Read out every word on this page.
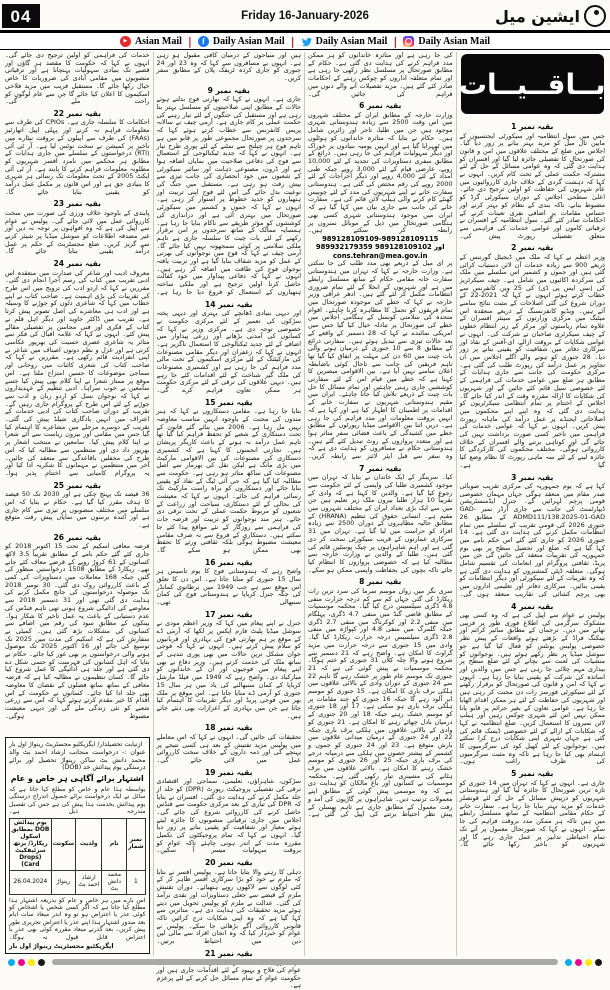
04	Friday 16-January-2026	ایشین میل
▶ Asian Mail |	f Daily Asian Mail | Daily Asian Mail | Daily Asian Mail
بــاقــیــات
بقیہ نمبر 1
جس میں سول انتظامیہ اور سیکورٹی ایجنسیوں کے مابین تال میل کو مزید بہتر بنانے پر زور دیا گیا۔ اجلاس میں ضلع کے مختلف علاقوں میں امن و قانون کی صورتحال کا تفصیلی جائزہ لیا گیا اور افسران کو ہدایت دی گئی کہ وہ عوامی مسائل کے حل کے لئے مشترکہ حکمت عملی کے تحت کام کریں۔ انہوں نے کہا کہ دہشت گردی کے خلاف جاری کارروائیوں میں عام شہریوں کی حفاظت کو اولین ترجیح دی جائے۔ اعلیٰ سطحی اجلاس کے دوران سیکورٹی گرڈ کو مضبوط بنانے، ناکہ بندی کے نظام کو بہتر کرنے اور حساس مقامات پر اضافی نفری تعینات کرنے کے احکامات صادر کئے گئے۔ سول انتظامیہ کے افسران نے ترقیاتی کاموں اور عوامی خدمات کی فراہمی سے متعلق تفصیلی رپورٹ پیش کی۔
بقیہ نمبر 2
وزیر اعظم نے کہا کہ ملک میں ڈیجیٹل گورننس کے ذریعے 900 سے زیادہ خدمات آن لائن دستیاب کرائی گئی ہیں اور جموں و کشمیر اس سلسلے میں ملک کی سرکردہ اکائیوں میں شامل ہے۔ چیف سیکرٹریز کی (سی ایس پی ڈی) کی 25 ویں کانفرنس سے خطاب کرتے ہوئے انہوں نے کہا کہ 2021-22 کے دوران شروع کی گئی اصلاحات کے مثبت نتائج سامنے آئے ہیں۔ ویڈیو کانفرنسنگ کے ذریعے منعقدہ اس میٹنگ میں مرکزی وزارتوں کے سینئر افسران کے علاوہ تمام ریاستوں اور مرکز کے زیر انتظام خطوں کے چیف سیکرٹری صاحبان نے شرکت کی۔ انہوں نے عوامی شکایات کے بروقت ازالے، ای-آفس کے نفاذ اور سرکاری دفاتر میں شفافیت کو یقینی بنانے پر زور دیا۔ 28 جنوری کو ہونے والے اگلے اجلاس میں ان تجاویز پر عمل درآمد کی رپورٹ طلب کی گئی ہے۔ مرکزی حکومت کی جانب سے جاری ہدایات کے مطابق ہر ضلع میں عوامی خدمات کی فراہمی کے لئے خصوصی سیل قائم کئے جائیں گے اور شہریوں کی شکایات کا ازالہ مقررہ وقت کے اندر کیا جائے گا۔ اجلاس کے اختتام پر تمام انتظامی سیکرٹریوں کو ہدایت دی گئی کہ وہ اپنے اپنے محکموں میں اصلاحاتی ایجنڈے پر عمل درآمد کی ماہانہ رپورٹ پیش کریں۔ انہوں نے کہا کہ عوامی خدمات کی فراہمی میں تاخیر کسی صورت برداشت نہیں کی جائے گی اور کوتاہی برتنے والے افسران کے خلاف کارروائی ہوگی۔ مختلف محکموں کی کارکردگی کا جائزہ لینے کے لئے سہ ماہی رپورٹ کا نظام وضع کیا گیا ہے۔
بقیہ نمبر 3
کہا ہے کہ یوم جمہوریہ کی مرکزی تقریب صوبائی صدر مقام میں منعقد ہوگی جہاں مہمان خصوصی قومی پرچم لہرائیں گے۔ جنرل ایڈمنسٹریشن ڈیپارٹمنٹ کی جانب سے جاری آرڈر نمبر GAD-ADMD111/138.2025-01-GAD کے مطابق 26 جنوری 2026 کی قومی تقریب کے سلسلے میں تمام انتظامات مکمل کرنے کی ہدایت دی گئی ہے۔ 14 جنوری 2026 کو جاری کئے گئے اس حکم نامے میں کہا گیا ہے کہ ضلع اور تحصیل سطح پر بھی یوم جمہوریہ کی تقریبات منعقد کی جائیں گی جن میں پریڈ، ثقافتی پروگرام اور انعامات کی تقسیم شامل ہوگی۔ متعلقہ ڈپٹی کمشنروں کو ہدایت دی گئی ہے کہ وہ تقریبات کے لئے سیکورٹی اور دیگر انتظامات کو یقینی بنائیں۔ سرکاری دفاتر اور تعلیمی اداروں میں بھی پرچم کشائی کی تقاریب منعقد ہوں گی۔
بقیہ نمبر 4
پولیس نے عوام سے اپیل کی ہے کہ وہ کسی بھی مشکوک سرگرمی کی اطلاع فوری طور پر قریبی تھانے میں دیں۔ ترجمان کے مطابق سائبر کرائم اور بینکنگ فراڈ کے بڑھتے ہوئے واقعات کے پیش نظر خصوصی پولیس یونٹس کو فعال کیا گیا ہے جو سوشل میڈیا پر نظر رکھے ہوئے ہیں۔ نوجوانوں کو منشیات کی لعنت سے بچانے کے لئے ضلع سطح پر بیداری مہم چلائی جا رہی ہے جس میں والدین اور اساتذہ کی شرکت کو یقینی بنایا جا رہا ہے۔ انہوں نے کہا کہ امن و قانون کی صورتحال کو برقرار رکھنے کے لئے سیکورٹی فورسز رات دن محنت کر رہی ہیں اور شہریوں کی حفاظت کے لئے ہر ممکن اقدام اٹھایا جا رہا ہے۔ عوامی تعاون کے بغیر جرائم پر قابو پانا ممکن نہیں اس لئے شہری چوکس رہیں اور ہیلپ لائن نمبروں کا استعمال کریں۔ ضلع انتظامیہ نے کہا کہ شکایات کے ازالے کے لئے خصوصی ڈیسک قائم کی گئی ہے جہاں شہری اپنی شکایات درج کرا سکتے ہیں۔ نوجوانوں کے لئے کھیل کود کی سرگرمیوں کا اہتمام بھی کیا جا رہا ہے تاکہ وہ مثبت سرگرمیوں کی طرف راغب ہوں۔
بقیہ نمبر 5
جاری ہے۔ انہوں نے کہا کہ تہران میں 14 جنوری کو تازہ ترین صورتحال کا جائزہ لیا گیا اور ہندوستانی شہریوں کو درپیش مسائل کے حل کے لئے قونصلر خدمات کو مزید بہتر بنایا جا رہا ہے۔ سفارت خانے کے حکام مقامی انتظامیہ کے ساتھ مسلسل رابطے میں ہیں تاکہ ہر ممکن مدد بروقت فراہم کی جا سکے۔ انہوں نے کہا کہ صورتحال معمول پر آنے تک تمام احتیاطی تدابیر پر عمل جاری رہے گا اور شہریوں کو باخبر رکھا جائے گا۔
کی جا رہی ہے اور متاثرہ خاندانوں کو ہر ممکن مدد فراہم کرنے کی ہدایت دی گئی ہے۔ حکام کے مطابق صورتحال پر مسلسل نظر رکھی جا رہی ہے اور تمام متعلقہ اداروں کو چوکس رہنے کے احکامات صادر کئے گئے ہیں۔ مزید تفصیلات آنے والے دنوں میں فراہم کی جائیں گی۔
بقیہ نمبر 6
وزارت خارجہ کے مطابق ایران کے مختلف شہروں میں اس وقت 2500 سے زیادہ ہندوستانی شہری موجود ہیں جن میں طلبا، تاجر اور زائرین شامل ہیں۔ حکام نے بتایا کہ متاثرہ خاندانوں کو ہوٹلوں میں ٹھہرایا گیا ہے اور انہیں یومیہ بنیادوں پر خوراک اور دیگر سہولیات فراہم کی جا رہی ہیں۔ ذرائع کے مطابق سفری دستاویزات کی تجدید کے لئے 10,000 روپے، عارضی قیام کے لئے 3,000 روپے جبکہ طبی امداد کے لئے 4,000 روپے اور دیگر اخراجات کے لئے 2000 روپے کی رقم مختص کی گئی ہے۔ ہندوستانی سفارت خانے نے اپنے شہریوں کی مدد کے لئے چوبیس گھنٹے کام کرنے والی ہیلپ لائن قائم کی ہے۔ سفارت خانے کی جانب سے جاری بیان میں کہا گیا ہے کہ ایران میں موجود ہندوستانی شہری کسی بھی ہنگامی صورتحال میں ذیل کے موبائل نمبروں پر رابطہ کر سکتے ہیں۔
989128109109-989128109115
989932179359 اور 989128109102
cons.tehran@mea.gov.in
پر ای میل کے ذریعے بھی مدد طلب کی جا سکتی ہے۔ وزارت خارجہ نے کہا کہ تہران میں ہندوستانی سفارت خانہ مقامی حکام کے ساتھ مسلسل رابطے میں ہے اور شہریوں کے انخلا کے لئے تمام ضروری انتظامات مکمل کر لئے گئے ہیں۔ ادھر عراقی وزیر خارجہ نے کہا کہ خطے کی موجودہ صورتحال میں تمام فریقوں کو تحمل کا مظاہرہ کرنا چاہئے۔ اقوام متحدہ کی سلامتی کونسل کے ہنگامی اجلاس میں خطے کی صورتحال پر تبادلہ خیال کیا گیا جس میں امریکی نمائندے نے کہا کہ 28 دسمبر کے واقعے کے بعد حالات تیزی سے تبدیل ہوئے ہیں۔ سفارتی ذرائع کے مطابق 8 سے 10 جنوری کے درمیان ہونے والی بات چیت میں 60 دن کی مہلت پر اتفاق کیا گیا تھا تاہم فریقین کی جانب سے تاحال کوئی باضابطہ اعلان سامنے نہیں آیا ہے۔ بین الاقوامی مبصرین کا کہنا ہے کہ خطے میں قیام امن کے لئے سفارتی کوششیں جاری رہنی چاہئیں اور تمام مسائل کا حل بات چیت کے ذریعے تلاش کیا جانا چاہئے۔ ایران میں مقیم ہندوستانی شہریوں نے سفارت خانے کے اقدامات پر اطمینان کا اظہار کیا ہے اور کہا ہے کہ انہیں بروقت معلومات اور مدد فراہم کی جا رہی ہے۔ دریں اثنا بین الاقوامی میڈیا رپورٹوں کے مطابق خطے میں کشیدگی کے باعث فضائی سفر متاثر ہوا ہے اور متعدد پروازوں کے روٹ تبدیل کئے گئے ہیں۔ ہندوستانی حکام نے مسافروں کو ہدایت دی ہے کہ وہ سفر سے قبل ایئر لائنز سے رابطہ کریں۔
بقیہ نمبر 7
کیا۔ سرینگر کے ایک خاندان نے بتایا کہ تہران میں موجود کشمیری طلبا کی واپسی کے لئے حکومت سے رجوع کیا گیا ہے۔ والدین کا کہنا ہے کہ وادی کے تقریباً 10 ہزار طلبا بیرون ملک زیر تعلیم ہیں جن میں سے ایک بڑی تعداد ایران کے مختلف شہروں میں مقیم ہے۔ انسانی حقوق کی تنظیم (HRANA) کے مطابق حالیہ مظاہروں کے دوران 2500 سے زیادہ افراد کو حراست میں لیا گیا ہے۔ تہران میں 31 سرکاری عمارتوں کے قریب سیکورٹی سخت کر دی گئی ہے اور اہم شاہراہوں پر چیک پوسٹیں قائم کی گئی ہیں۔ طلبا کے والدین نے وزارت خارجہ سے مطالبہ کیا ہے کہ خصوصی پروازوں کا انتظام کیا جائے تاکہ بچوں کی بحفاظت واپسی ممکن ہو سکے۔
بقیہ نمبر 8
سری نگر میں رواں موسم سرما کی سرد ترین رات ریکارڈ کی گئی جہاں کم سے کم درجہ حرارت منفی 4.8 ڈگری سیلسیس درج کیا گیا۔ محکمہ موسمیات کے مطابق قاضی گنڈ میں منفی 4.7 ڈگری، پہلگام میں منفی 2.2 اور کوکرناگ میں منفی 2.7 ڈگری جبکہ گلمرگ میں منفی 4.8 اور کپواڑہ میں منفی 2.8 ڈگری سیلسیس درجہ حرارت ریکارڈ کیا گیا۔ وادی میں 15 جنوری سے درجہ حرارت میں مزید گراوٹ کا امکان ہے۔ واضح رہے کہ 21 دسمبر سے شروع ہونے والا چلہ کلاں 31 جنوری کو ختم ہوگا۔ محکمہ موسمیات نے پیش گوئی کی ہے کہ 21 جنوری تک موسم عام طور پر خشک رہے گا تاہم 22 سے 24 جنوری کے دوران وادی کے بالائی علاقوں میں ہلکی برف باری کا امکان ہے۔ 15 جنوری کو موسم ابر آلود رہے گا جبکہ 16 جنوری کو چند مقامات پر ہلکی برف باری ہو سکتی ہے۔ 17 اور 18 جنوری کو موسم خشک رہنے جبکہ 18 اور 20 جنوری کے درمیان بادل چھائے رہنے کا امکان ہے۔ 21 جنوری کو وادی کے بالائی علاقوں میں ہلکی برف باری جبکہ 22 اور 24 جنوری کے درمیان میدانی علاقوں میں بارش متوقع ہے۔ 23 اور 24 جنوری کو جموں و کشمیر کے بیشتر حصوں میں ہلکی سے درمیانہ درجے کی برف باری جبکہ 25 اور 26 جنوری کو موسم خشک رہنے کا امکان ہے۔ بالائی علاقوں میں برف ہٹانے کی مشینری تیار رکھی گئی ہے۔ محکمہ موسمیات نے کسانوں اور باغ مالکان کو ہدایت دی ہے کہ وہ موسمی پیش گوئی کے مطابق اپنے معمولات ترتیب دیں۔ شاہراہوں پر گاڑیوں کی آمد و رفت معمول کے مطابق جاری ہے تاہم پھسلن کے پیش نظر احتیاط برتنے کی اپیل کی گئی ہے۔
ہیں اور سیاحوں کے درمیان کافی مقبول ہو رہی ہے۔ انہوں نے مسافروں سے کہا کہ وہ 23 اور 24 جنوری کو جاری کردہ ٹریفک پلان کے مطابق سفر کریں۔
بقیہ نمبر 9
جاری ہے۔ انہوں نے کہا کہ بھارتی فوج بدلتے ہوئے حالات کے مطابق اپنی صلاحیتوں کو مسلسل بہتر بنا رہی ہے اور مستقبل کی جنگوں کے لئے تیار رہنے کی حکمت عملی پر کام جاری ہے۔ آرمی چیف نے سالانہ پریس کانفرنس سے خطاب کرتے ہوئے کہا کہ سرحدوں پر صورتحال مجموعی طور پر قابو میں ہے تاہم فوج ہر چیلنج سے نمٹنے کے لئے پوری طرح تیار ہے۔ انہوں نے کہا کہ جدید ٹیکنالوجی کے استعمال سے فوج کی دفاعی صلاحیت میں نمایاں اضافہ ہوا ہے اور ڈرون، مصنوعی ذہانت اور سائبر سیکورٹی کے شعبوں میں خود انحصاری کی جانب تیزی سے پیش رفت ہو رہی ہے۔ مستقبل میں جنگ کی نوعیت بدل جائے گی اس لئے فوج اپنی تربیت اور ہتھیاروں کو جدید خطوط پر استوار کر رہی ہے۔ انہوں نے کہا کہ جموں و کشمیر میں سیکورٹی صورتحال میں بہتری آئی ہے اور دراندازی کی کوششوں کو مؤثر طریقے سے ناکام بنایا جا رہا ہے۔ ہمسایہ ممالک کے ساتھ سرحدوں پر امن برقرار رکھنے کے لئے بات چیت کا سلسلہ جاری ہے تاہم ملکی سلامتی پر کوئی سمجھوتہ نہیں کیا جائے گا۔ آرمی چیف نے کہا کہ فوج میں نوجوانوں کی بھرتی کے عمل کو مزید شفاف بنایا گیا ہے اور تربیت یافتہ نوجوان فوج کی طاقت میں اضافہ کر رہے ہیں۔ انہوں نے کہا کہ دفاعی پیداوار میں خود کفالت حاصل کرنا اولین ترجیح ہے اور ملکی ساختہ ہتھیاروں کے استعمال کو فروغ دیا جا رہا ہے۔
بقیہ نمبر 14
اور دیہی بنیادی ڈھانچے کی بہتری اور دیہی پختہ سڑکوں کی تعمیر کے لئے مرکزی حکومت نے خصوصی توجہ دی ہے۔ مرکزی وزیر نے کہا کہ کسانوں کی آمدنی بڑھانے اور زرعی پیداوار میں اضافے کے لئے جدید ٹیکنالوجی کا استعمال ناگزیر ہے۔ انہوں نے کہا کہ زعفران اور دیگر مقامی مصنوعات کی مارکیٹنگ کے لئے مرکزی اسکیموں کے تحت مالی مدد فراہم کی جا رہی ہے اور کشمیری مصنوعات کی ملک گیر شناخت کے لئے اقدامات کئے جا رہے ہیں۔ دیہی علاقوں کی ترقی کے لئے مرکزی حکومت ہر ممکن تعاون فراہم کرے گی۔
بقیہ نمبر 15
بتایا جا رہا ہے۔ مقامی دستکاروں نے کہا کہ ہنر مندوں کی محنت کے باوجود انہیں مناسب معاوضہ نہیں مل رہا ہے۔ 2006 میں بنائے گئے قانون کے تحت دستکاری کے شعبے کو تحفظ فراہم کیا گیا تھا تاہم عمل درآمد نہ ہونے کے باعث کاریگر پریشان ہیں۔ تجارتی انجمنوں کا کہنا ہے کہ کشمیری دستکاری کی مصنوعات کی بین الاقوامی مارکیٹ میں بڑی مانگ ہے لیکن نقل کی بھرمار سے اصل مصنوعات کی ساکھ متاثر ہو رہی ہے۔ حکومت سے مطالبہ کیا گیا ہے کہ جی آئی ٹیگ کے نفاذ کو یقینی بنایا جائے اور دستکاروں کو براہ راست مارکیٹ تک رسائی فراہم کی جائے۔ انہوں نے کہا کہ معیشت کی بحالی کے لئے دستکاری، سیاحت اور زراعت کے شعبوں کو مربوط حکمت عملی کے تحت ترقی دی جائے۔ ہنر مند نوجوانوں کو تربیت اور قرضہ جات کی فراہمی سے روزگار کے نئے مواقع پیدا کئے جا سکتے ہیں۔ دستکاری کے فروغ سے نہ صرف مقامی معیشت مضبوط ہوگی بلکہ ثقافتی ورثے کا تحفظ بھی ممکن ہو سکے گا۔
بقیہ نمبر 16
واضح رہے کہ ہندوستانی فوج کا یوم تاسیس ہر سال 15 جنوری کو منایا جاتا ہے۔ اس دن کا تعلق اس موقع سے ہے جب 1949 میں برطانوی کمانڈر کی جگہ جنرل کریاپا نے ہندوستانی فوج کی کمان سنبھالی تھی۔
بقیہ نمبر 17
جنرل نے اپنے پیغام میں کہا کہ وزیر اعظم مودی نے سوشل میڈیا پلیٹ فارم ایکس پر لکھا کہ آرمی ڈے کے موقع پر ہم بھارتی فوج کی بہادری اور قربانیوں کو سلام پیش کرتے ہیں۔ انہوں نے کہا کہ فوجی جوان مشکل ترین حالات میں بھی پوری تندہی کے ساتھ ملک کی خدمت کرتے ہیں۔ وزیر دفاع نے بھی اپنے پیغام میں فوجیوں اور ان کے خاندانوں کو مبارکباد دی۔ واضح رہے کہ 1949 میں فیلڈ مارشل کریاپا کے کمان سنبھالنے کی یاد میں ہر سال 15 جنوری کو آرمی ڈے منایا جاتا ہے۔ اس موقع پر ملک بھر میں فوجی پریڈ اور دیگر تقریبات کا اہتمام کیا جاتا ہے جن میں بہادری کے اعزازات بھی دیئے جاتے ہیں۔
بقیہ نمبر 18
تحقیقات کی جائیں گی۔ انہوں نے کہا کہ اس معاملے میں پولیس مزید تفتیش کے بعد ہی کسی نتیجے پر پہنچے گی اور ذمہ داروں کے خلاف سخت کارروائی عمل میں لائی جائے گی۔
بقیہ نمبر 19
سڑکوں، شاہراؤں، تعلیمی، سماجی اور اقتصادی ترقی کی تفصیلی پروجیکٹ رپورٹ (DPR) کو جلد از جلد مکمل کرنے کی ہدایت دی گئی۔ افسران نے بتایا کہ DPR کی تیاری کے بعد مرکزی حکومت سے فنڈس حاصل کرنے کی کارروائی شروع کی جائے گی۔ اجلاس میں جاری ترقیاتی منصوبوں کا جائزہ لیتے ہوئے معیار اور شفافیت کو یقینی بنانے پر زور دیا گیا۔ انہوں نے کہا کہ تمام پروجیکٹوں کی تکمیل مقررہ مدت کے اندر ہونی چاہئے تاکہ عوام کو بروقت سہولیات میسر آ سکیں۔
بقیہ نمبر 20
دہلی کا رہنے والا بتایا جاتا ہے۔ پولیس افسر نے بتایا کہ ملزم نے خود کو بڑا سرکاری افسر ظاہر کر کے کئی لوگوں سے لاکھوں روپے ہتھیائے۔ دوران تفتیش ملزم کے قبضے سے جعلی دستاویزات اور نقدی برآمد کی گئی۔ عدالت نے ملزم کو پولیس تحویل میں دیتے ہوئے مزید تحقیقات کی ہدایت دی ہے۔ متاثرین سے کہا گیا ہے کہ وہ اپنی شکایات درج کرائیں تاکہ قانونی کارروائی آگے بڑھائی جا سکے۔ پولیس نے عوام کو خبردار کیا کہ وہ انجان افراد سے مالی لین دین میں احتیاط برتیں۔
بقیہ نمبر 21
عوام کی فلاح و بہبود کے لئے اقدامات جاری ہیں اور حکومت عوام کے تمام مسائل حل کرنے کے لئے پرعزم ہے۔
خدمات کی فراہمی کو اولین ترجیح دی جائے گی۔ انہوں نے کہا کہ حکومت کا مقصد ہر گاؤں اور قصبے تک بنیادی سہولیات پہنچانا ہے اور ترقیاتی منصوبوں میں مقامی آبادی کی ضروریات کا خاص خیال رکھا جائے گا۔ مستقبل قریب میں مزید فلاحی اسکیموں کا اعلان کیا جائے گا جن سے عام لوگوں کو راحت ملے گی۔
بقیہ نمبر 22
احکامات کا سلسلہ جاری ہے۔ CPIOs کی طرف سے معلومات فراہم نہ کرنے اور پہلی اپیل اتھارٹیز (FAAs) کی طرف سے اپیلوں کے بروقت نپٹارے میں تاخیر پر کمیشن نے سخت نوٹس لیا ہے۔ آر ٹی آئی (RTI) درخواستوں کے سلسلے میں جاری ہدایات کے مطابق ہر محکمے میں نامزد افسر شہریوں کو مطلوبہ معلومات فراہم کرنے کا پابند ہے۔ آر ٹی آئی ایکٹ 2005 کے تحت معلومات تک رسائی ہر شہری کا بنیادی حق ہے اور اس قانون پر مکمل عمل درآمد کو یقینی بنایا جائے گا۔
بقیہ نمبر 23
پابندی کے باوجود خلاف ورزی کی صورت میں سخت کارروائی عمل میں لائی جائے گی۔ پولیس نے عوام سے اپیل کی ہے کہ وہ افواہوں پر توجہ نہ دیں اور غیر مصدقہ اطلاعات کو سوشل میڈیا پر شیئر کرنے سے گریز کریں۔ ضلع مجسٹریٹ کے حکم پر عمل درآمد یقینی بنایا جائے گا۔
بقیہ نمبر 24
معروف ادیب اور شاعر کی صدارت میں منعقدہ اس ادبی تقریب میں کتاب کی رسم اجرا انجام دی گئی۔ مقررین نے کہا کہ اردو ادب کی ترویج میں اس طرح کی تقریبات کی بڑی اہمیت ہے۔ صاحب کتاب نے اپنے خطاب میں کہا کہ شاعری دلوں کو جوڑنے کا وسیلہ ہے اور ادب ہی معاشرے کی اصل تصویر پیش کرتا ہے۔ تقریب میں ڈاکٹر جاوید اور دیگر اہل قلم نے کتاب کے فکری اور فنی محاسن پر تفصیلی مقالے پیش کئے۔ انہوں نے کہا کہ علامہ اقبال کی فکر سے متاثر یہ شاعری عصری حسیت کی بھرپور عکاسی کرتی ہے اور غزل و نظم دونوں اصناف میں شاعر نے اپنی انفرادیت قائم رکھی ہے۔ مقررین نے کہا کہ صاحب کتاب کی شعری کائنات میں روحانی اور سماجی موضوعات کا حسین امتزاج ملتا ہے۔ اس موقع پر ممتاز شعرا نے اپنا کلام بھی پیش کیا جسے سامعین نے خوب سراہا۔ ادبی تنظیم کے عہدیداروں نے کہا کہ نوجوان نسل کو اردو زبان و ادب سے جوڑنے کے لئے اس طرح کے پروگرام جاری رہیں گے۔ تقریب کے دوران صاحب کتاب کی ادبی خدمات کے اعتراف میں انہیں یادگاری شیلڈ پیش کی گئی۔ تقریب کے دوسرے مرحلے میں مشاعرے کا اہتمام کیا گیا جس میں مقامی اور بیرون ریاست سے آئے شعرا نے اپنا کلام پیش کیا۔ سامعین نے منتخب اشعار پر بھرپور داد دی اور منتظمین سے مطالبہ کیا کہ اس طرح کی محفلیں باقاعدگی سے منعقد کی جائیں۔ آخر میں منتظمین نے مہمانوں کا شکریہ ادا کیا اور یہ پروگرام کامیابی سے اختتام پذیر ہوا۔
بقیہ نمبر 25
36 فیصد تک پہنچ چکی ہے اور 2030 تک 50 فیصد کا ہدف مقرر کیا گیا ہے۔ حکام نے بتایا کہ اس سلسلے میں مختلف منصوبوں پر تیزی سے کام جاری ہے اور آئندہ برسوں میں نمایاں پیش رفت متوقع ہے۔
بقیہ نمبر 26
قرضہ معافی اسکیم کے تحت 15 اکتوبر 2018 کو جاری کئے گئے حکم نامے کے مطابق تقریباً 3.5 لاکھ کسانوں کے 61 کروڑ روپے کے قرضے معاف کئے جانے تھے۔ ریکارڈ کے مطابق 1508 درخواستیں منظور کی گئیں جبکہ 168 معاملات میں دستاویزات کی کمی کے باعث کارروائی روک دی گئی۔ 30 نومبر 2018 تک موصولہ درخواستوں کی جانچ مکمل کرنے کی ہدایت دی گئی تھی اور 31 دسمبر 2018 سے معاوضے کی ادائیگی شروع ہونی تھی تاہم فنڈس کی عدم دستیابی کے باعث یہ عمل تاخیر کا شکار ہوا۔ بینکوں کے مطابق سود کی رقم میں اضافے سے کسانوں کی مشکلات بڑھ گئی ہیں۔ کمیٹی نے سفارش کی ہے کہ اسکیم کی مدت میں 2025 تک توسیع کی جائے اور 16 اکتوبر 2025 تک موصول ہونے والی درخواستوں پر بھی غور کیا جائے۔ حکام نے بتایا کہ اہل کسانوں کی فہرست کو حتمی شکل دے دی گئی ہے اور جلد ہی ادائیگی کا عمل شروع کیا جائے گا۔ کسان تنظیموں نے مطالبہ کیا ہے کہ قرضہ معافی کے ساتھ ساتھ فصلوں کے نقصان کا معاوضہ بھی جلد ادا کیا جائے۔ کسانوں نے حکومت کے اس اقدام کا خیر مقدم کرتے ہوئے کہا کہ اس سے زرعی شعبے کو نئی زندگی ملے گی اور دیہی معیشت مضبوط ہوگی۔
ازنیابت تحصیلدار/ ایگزیکٹیو مجسٹریٹ رینواڑ اول بار
عنوان :- درخواست منجانب ارشاد احمد بٹ والد محمد دانش بٹ ساکن رینواڑ تحصیل اور برائے درستگی یوم پیدائش خد (DOB)
اشتہار برائے آگاہی ہر خاص و عام
بواسطہ ہذا عام و خاص کو مطلع کیا جاتا ہے کہ سائل نے ایک درخواست برائے حصول اندراج درستگی یوم پیدائش بخدمت ہذا پیش کی ہے جس کی تفصیل مندرجہ ذیل ہے۔
نمبر شمار	نام	ولدیت	سکونت	یوم پیدائش DOB بمطابق اسکول ریکارڈ/ برتھ سرٹیفکیٹ (Drops Card)
1	محمد دانش بٹ	ارشاد احمد بٹ	رینواڑ	26.04.2024
اس بارے میں ہر خاص و عام کو بذریعہ اشتہار ہذا مطلع کیا جاتا ہے کہ اگر کسی شخص یا اشخاص کو کوئی عذر یا اعتراض ہو تو وہ اندر میعاد سات ایام بعد صدور اشتہار ہذا اپنے عذر یا اعتراض تحریری طور پیش کریں۔ بعد گذرنے میعاد مقررہ کوئی بھی عذر یا اعتراض قابل قبول نہ ہوگا۔
ایگزیکٹیو مجسٹریٹ رینواڑ اول بار
